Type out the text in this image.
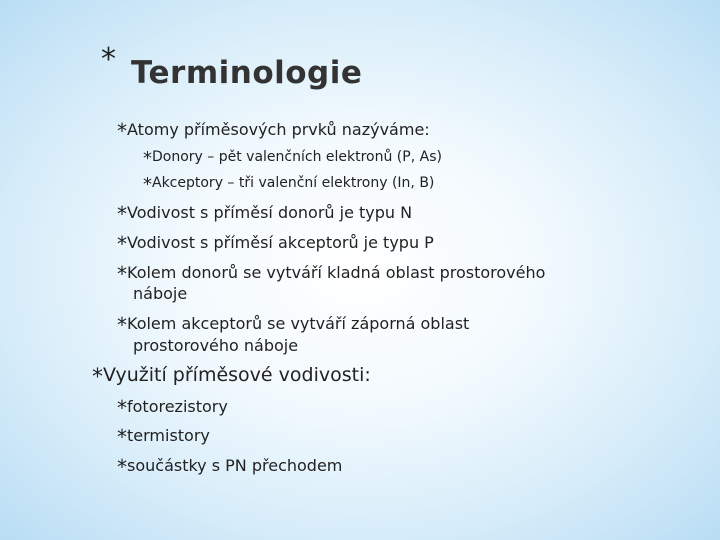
* Terminologie
*Atomy příměsových prvků nazýváme:
*Donory – pět valenčních elektronů (P, As)
*Akceptory – tři valenční elektrony (In, B)
*Vodivost s příměsí donorů je typu N
*Vodivost s příměsí akceptorů je typu P
*Kolem donorů se vytváří kladná oblast prostorového
náboje
*Kolem akceptorů se vytváří záporná oblast
prostorového náboje
*Využití příměsové vodivosti:
*fotorezistory
*termistory
*součástky s PN přechodem
